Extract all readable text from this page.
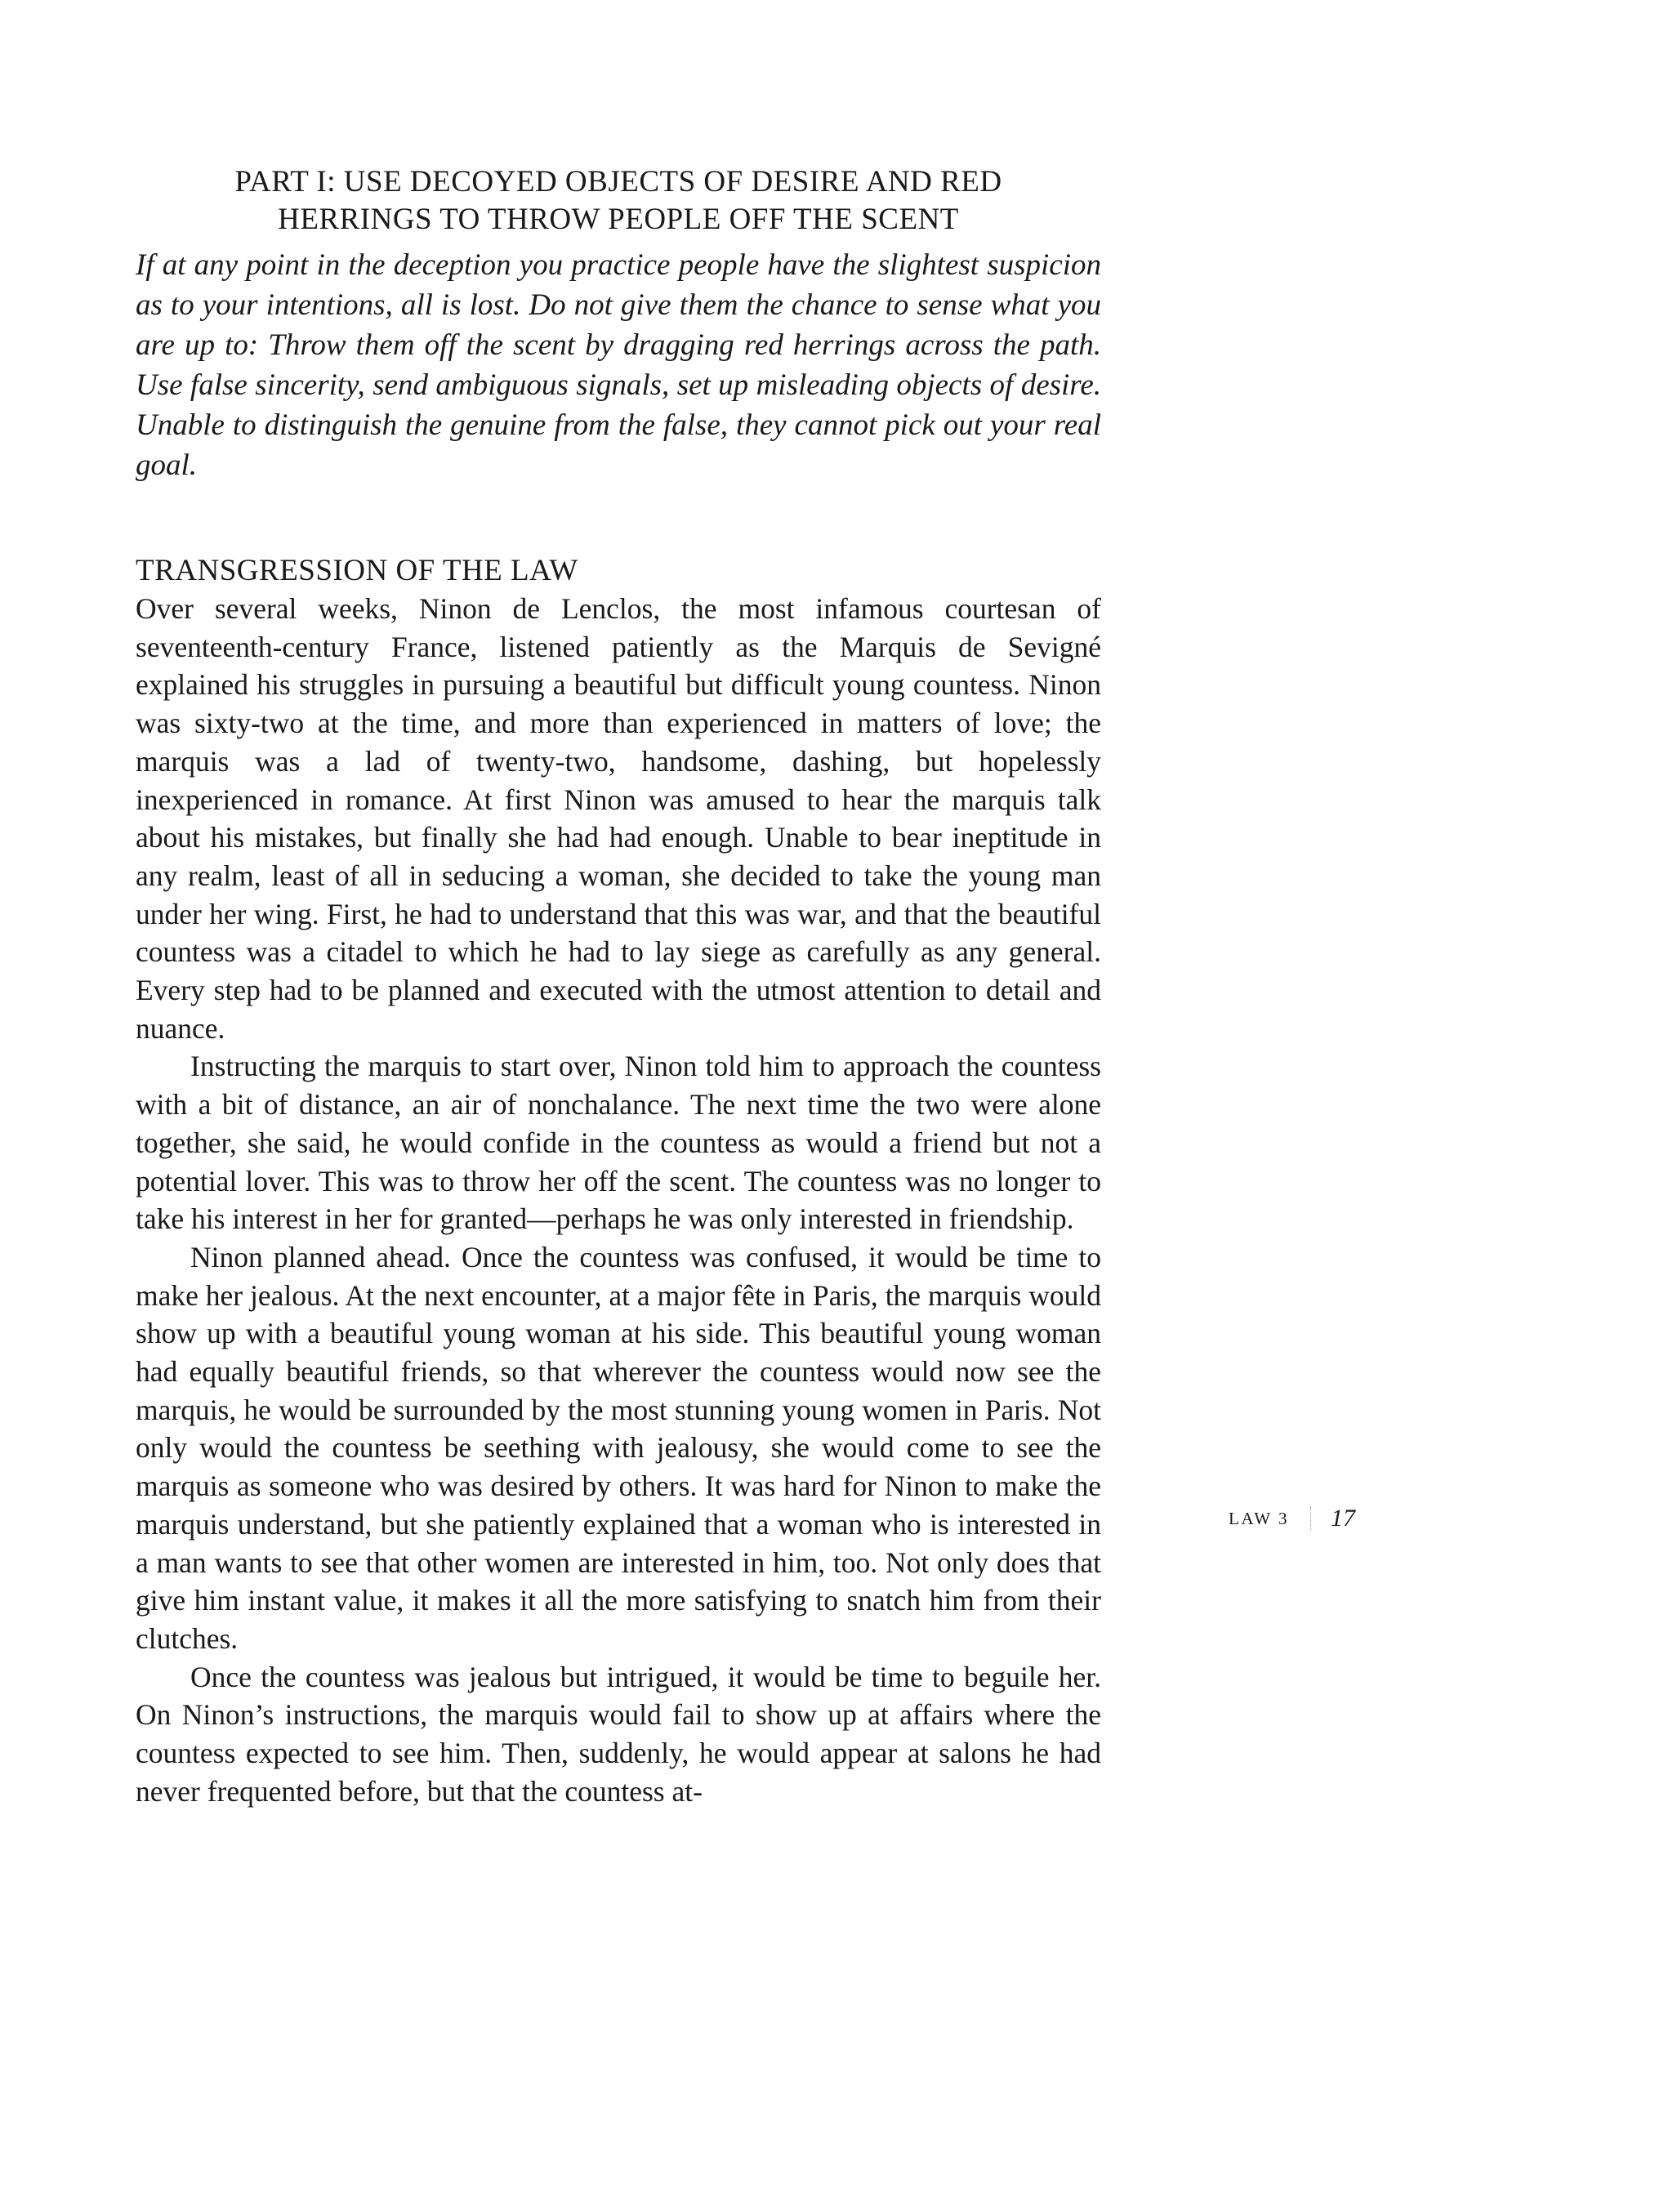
PART I: USE DECOYED OBJECTS OF DESIRE AND RED
HERRINGS TO THROW PEOPLE OFF THE SCENT

If at any point in the deception you practice people have the slightest suspicion as to your intentions, all is lost. Do not give them the chance to sense what you are up to: Throw them off the scent by dragging red herrings across the path. Use false sincerity, send ambiguous signals, set up misleading objects of desire. Unable to distinguish the genuine from the false, they cannot pick out your real goal.

TRANSGRESSION OF THE LAW

Over several weeks, Ninon de Lenclos, the most infamous courtesan of seventeenth-century France, listened patiently as the Marquis de Sevigné explained his struggles in pursuing a beautiful but difficult young countess. Ninon was sixty-two at the time, and more than experienced in matters of love; the marquis was a lad of twenty-two, handsome, dashing, but hopelessly inexperienced in romance. At first Ninon was amused to hear the marquis talk about his mistakes, but finally she had had enough. Unable to bear ineptitude in any realm, least of all in seducing a woman, she decided to take the young man under her wing. First, he had to understand that this was war, and that the beautiful countess was a citadel to which he had to lay siege as carefully as any general. Every step had to be planned and executed with the utmost attention to detail and nuance.

Instructing the marquis to start over, Ninon told him to approach the countess with a bit of distance, an air of nonchalance. The next time the two were alone together, she said, he would confide in the countess as would a friend but not a potential lover. This was to throw her off the scent. The countess was no longer to take his interest in her for granted—perhaps he was only interested in friendship.

Ninon planned ahead. Once the countess was confused, it would be time to make her jealous. At the next encounter, at a major fête in Paris, the marquis would show up with a beautiful young woman at his side. This beautiful young woman had equally beautiful friends, so that wherever the countess would now see the marquis, he would be surrounded by the most stunning young women in Paris. Not only would the countess be seething with jealousy, she would come to see the marquis as someone who was desired by others. It was hard for Ninon to make the marquis understand, but she patiently explained that a woman who is interested in a man wants to see that other women are interested in him, too. Not only does that give him instant value, it makes it all the more satisfying to snatch him from their clutches.

Once the countess was jealous but intrigued, it would be time to beguile her. On Ninon’s instructions, the marquis would fail to show up at affairs where the countess expected to see him. Then, suddenly, he would appear at salons he had never frequented before, but that the countess at-

LAW 3 17
